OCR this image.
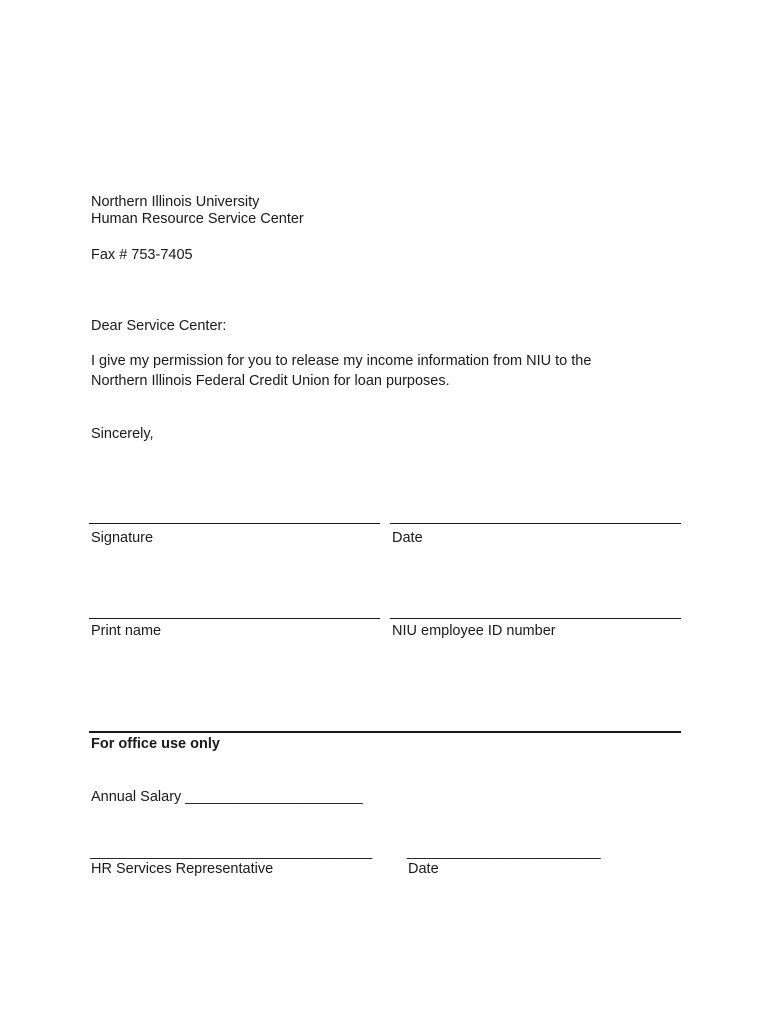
Northern Illinois University
Human Resource Service Center
Fax # 753-7405
Dear Service Center:
I give my permission for you to release my income information from NIU to the
Northern Illinois Federal Credit Union for loan purposes.
Sincerely,
Signature	Date
Print name	NIU employee ID number
For office use only
Annual Salary ______________________
___________________________________ ________________________
HR Services Representative	Date
